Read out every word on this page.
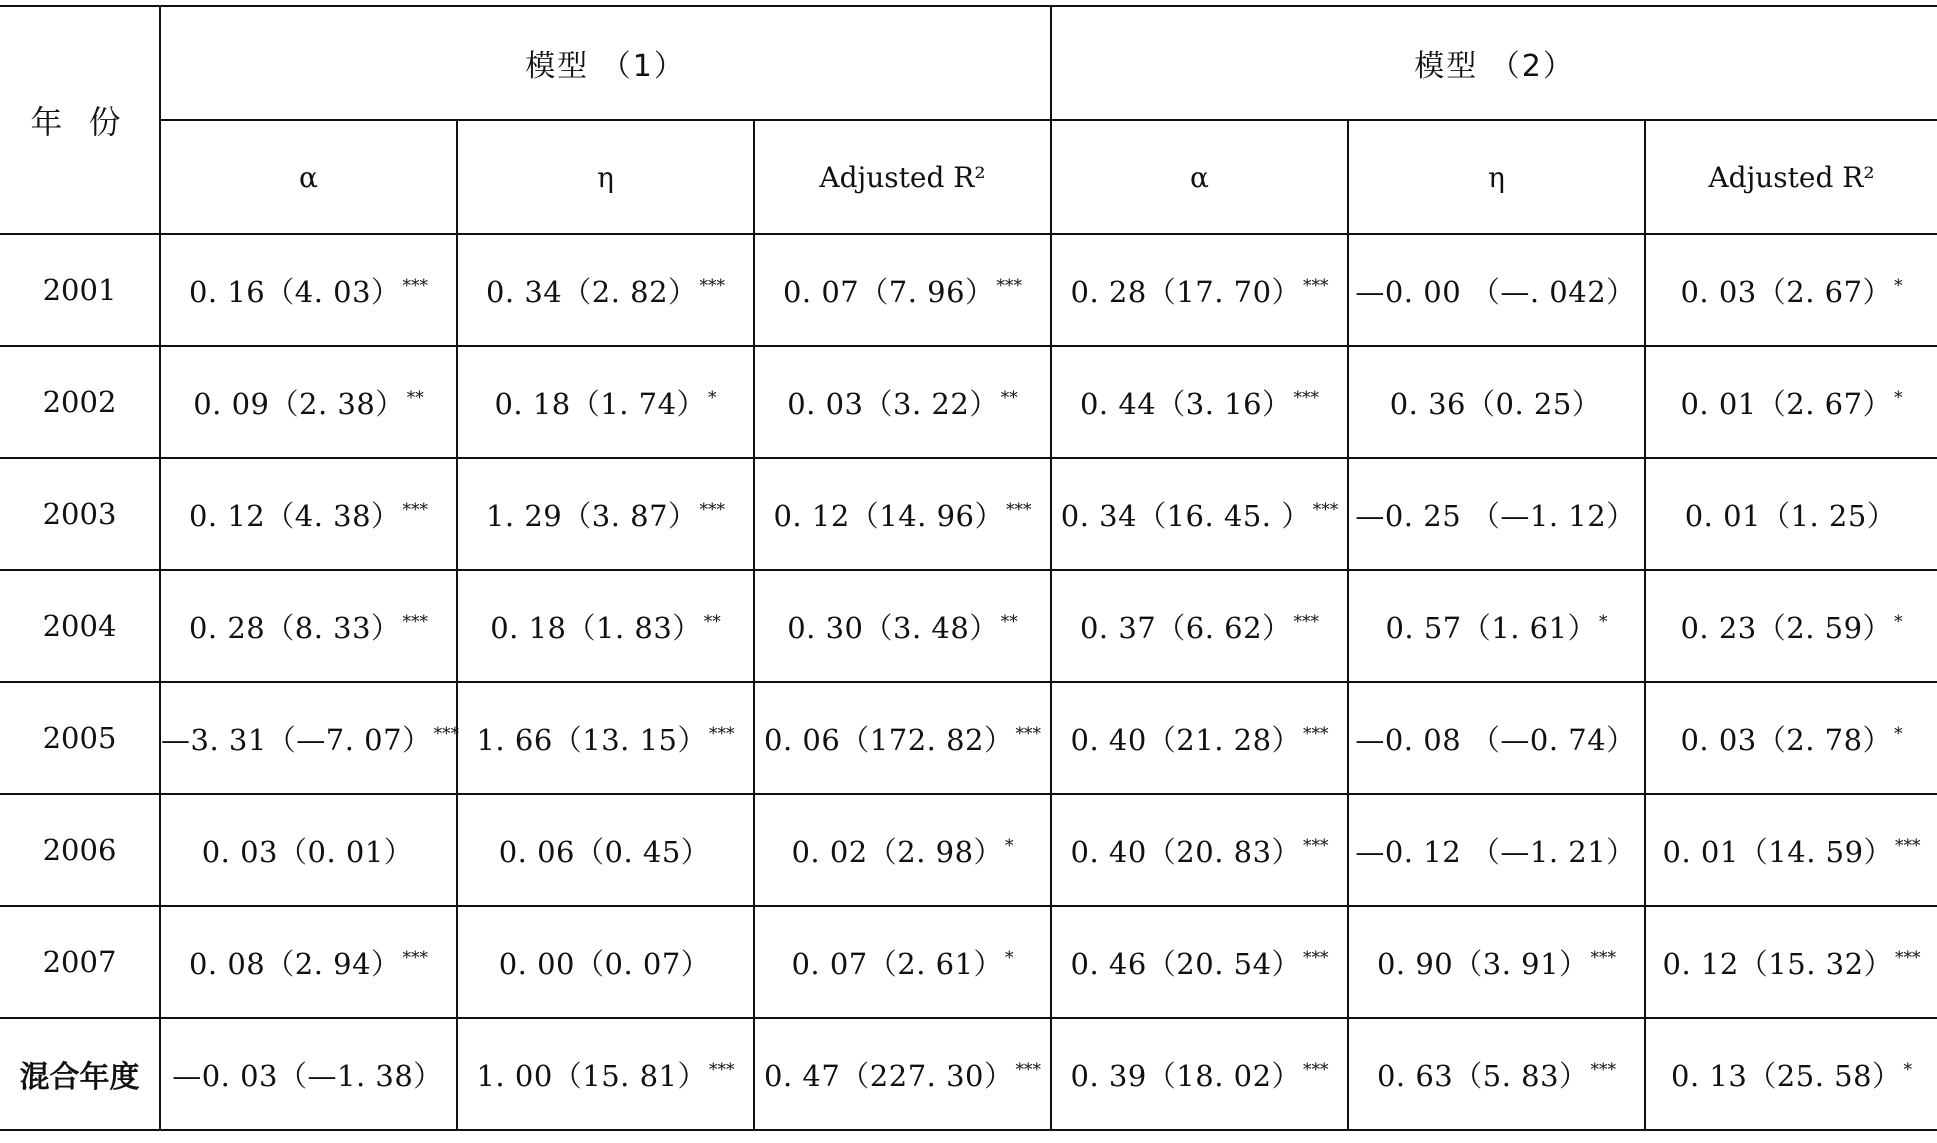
年 份	模型 （1）			模型 （2）		
	α	η	Adjusted R²	α	η	Adjusted R²
2001	0. 16（4. 03） ***	0. 34（2. 82） ***	0. 07（7. 96） ***	0. 28（17. 70） ***	—0. 00 （—. 042）	0. 03（2. 67） *
2002	0. 09（2. 38） **	0. 18（1. 74） *	0. 03（3. 22） **	0. 44（3. 16） ***	0. 36（0. 25）	0. 01（2. 67） *
2003	0. 12（4. 38） ***	1. 29（3. 87） ***	0. 12（14. 96） ***	0. 34（16. 45. ） ***	—0. 25 （—1. 12）	0. 01（1. 25）
2004	0. 28（8. 33） ***	0. 18（1. 83） **	0. 30（3. 48） **	0. 37（6. 62） ***	0. 57（1. 61） *	0. 23（2. 59） *
2005	—3. 31（—7. 07） ***	1. 66（13. 15） ***	0. 06（172. 82） ***	0. 40（21. 28） ***	—0. 08 （—0. 74）	0. 03（2. 78） *
2006	0. 03（0. 01）	0. 06（0. 45）	0. 02（2. 98） *	0. 40（20. 83） ***	—0. 12 （—1. 21）	0. 01（14. 59） ***
2007	0. 08（2. 94） ***	0. 00（0. 07）	0. 07（2. 61） *	0. 46（20. 54） ***	0. 90（3. 91） ***	0. 12（15. 32） ***
混合年度	—0. 03（—1. 38）	1. 00（15. 81） ***	0. 47（227. 30） ***	0. 39（18. 02） ***	0. 63（5. 83） ***	0. 13（25. 58） *
